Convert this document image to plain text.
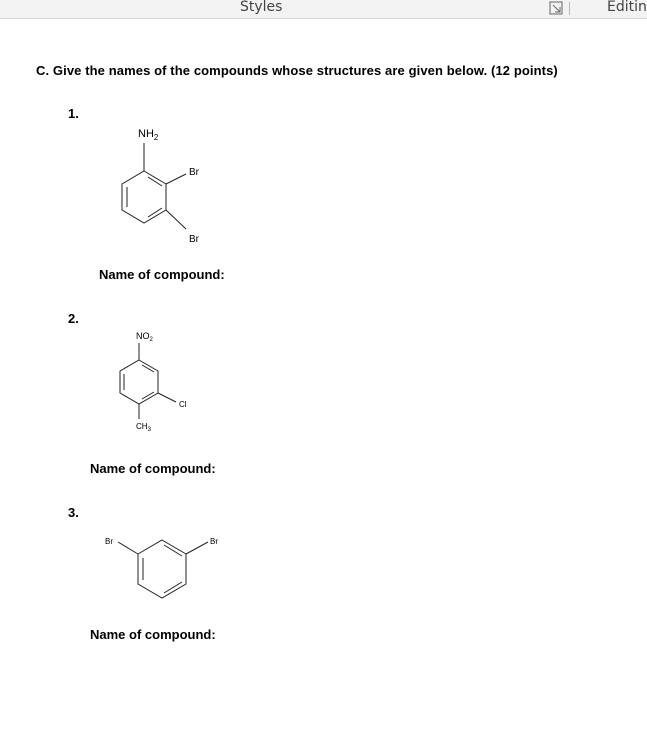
Styles	Editin
C. Give the names of the compounds whose structures are given below. (12 points)
1.
$NH_2$
Br
Br
Name of compound:
2.
$NO_2$
Cl
$CH_3$
Name of compound:
3.
Br	Br
Name of compound:
